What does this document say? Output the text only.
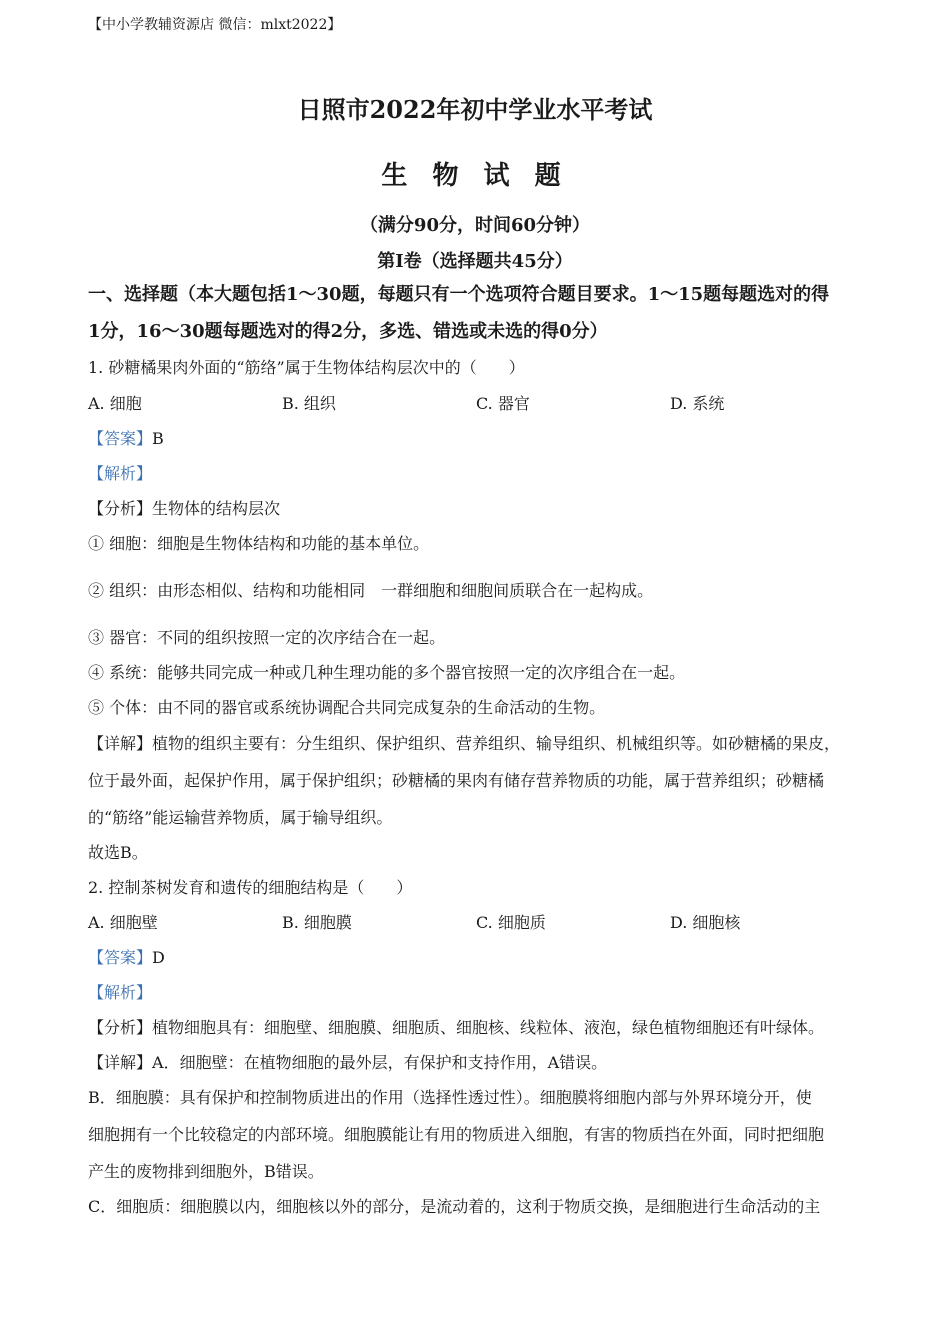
【中小学教辅资源店 微信：mlxt2022】
日照市2022年初中学业水平考试
生 物 试 题
（满分90分，时间60分钟）
第Ⅰ卷（选择题共45分）
一、选择题（本大题包括1～30题，每题只有一个选项符合题目要求。1～15题每题选对的得
1分，16～30题每题选对的得2分，多选、错选或未选的得0分）
1. 砂糖橘果肉外面的“筋络”属于生物体结构层次中的（　　）
A. 细胞	B. 组织	C. 器官	D. 系统
【答案】B
【解析】
【分析】生物体的结构层次
① 细胞：细胞是生物体结构和功能的基本单位。
② 组织：由形态相似、结构和功能相同　一群细胞和细胞间质联合在一起构成。
③ 器官：不同的组织按照一定的次序结合在一起。
④ 系统：能够共同完成一种或几种生理功能的多个器官按照一定的次序组合在一起。
⑤ 个体：由不同的器官或系统协调配合共同完成复杂的生命活动的生物。
【详解】植物的组织主要有：分生组织、保护组织、营养组织、输导组织、机械组织等。如砂糖橘的果皮，
位于最外面，起保护作用，属于保护组织；砂糖橘的果肉有储存营养物质的功能，属于营养组织；砂糖橘
的“筋络”能运输营养物质，属于输导组织。
故选B。
2. 控制茶树发育和遗传的细胞结构是（　　）
A. 细胞壁	B. 细胞膜	C. 细胞质	D. 细胞核
【答案】D
【解析】
【分析】植物细胞具有：细胞壁、细胞膜、细胞质、细胞核、线粒体、液泡，绿色植物细胞还有叶绿体。
【详解】A．细胞壁：在植物细胞的最外层，有保护和支持作用，A错误。
B．细胞膜：具有保护和控制物质进出的作用（选择性透过性）。细胞膜将细胞内部与外界环境分开，使
细胞拥有一个比较稳定的内部环境。细胞膜能让有用的物质进入细胞，有害的物质挡在外面，同时把细胞
产生的废物排到细胞外，B错误。
C．细胞质：细胞膜以内，细胞核以外的部分，是流动着的，这利于物质交换，是细胞进行生命活动的主
